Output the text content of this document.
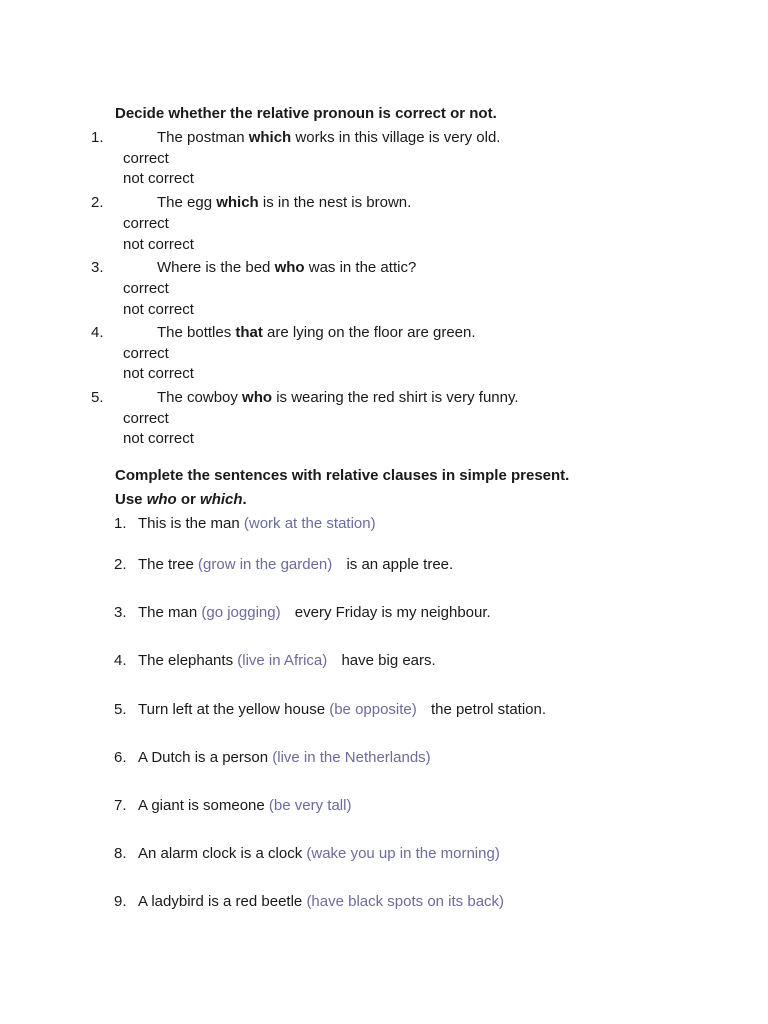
Decide whether the relative pronoun is correct or not.
1.	The postman which works in this village is very old.
correct
not correct
2.	The egg which is in the nest is brown.
correct
not correct
3.	Where is the bed who was in the attic?
correct
not correct
4.	The bottles that are lying on the floor are green.
correct
not correct
5.	The cowboy who is wearing the red shirt is very funny.
correct
not correct
Complete the sentences with relative clauses in simple present.
Use who or which.
1. This is the man (work at the station)
2. The tree (grow in the garden) is an apple tree.
3. The man (go jogging) every Friday is my neighbour.
4. The elephants (live in Africa) have big ears.
5. Turn left at the yellow house (be opposite) the petrol station.
6. A Dutch is a person (live in the Netherlands)
7. A giant is someone (be very tall)
8. An alarm clock is a clock (wake you up in the morning)
9. A ladybird is a red beetle (have black spots on its back)
